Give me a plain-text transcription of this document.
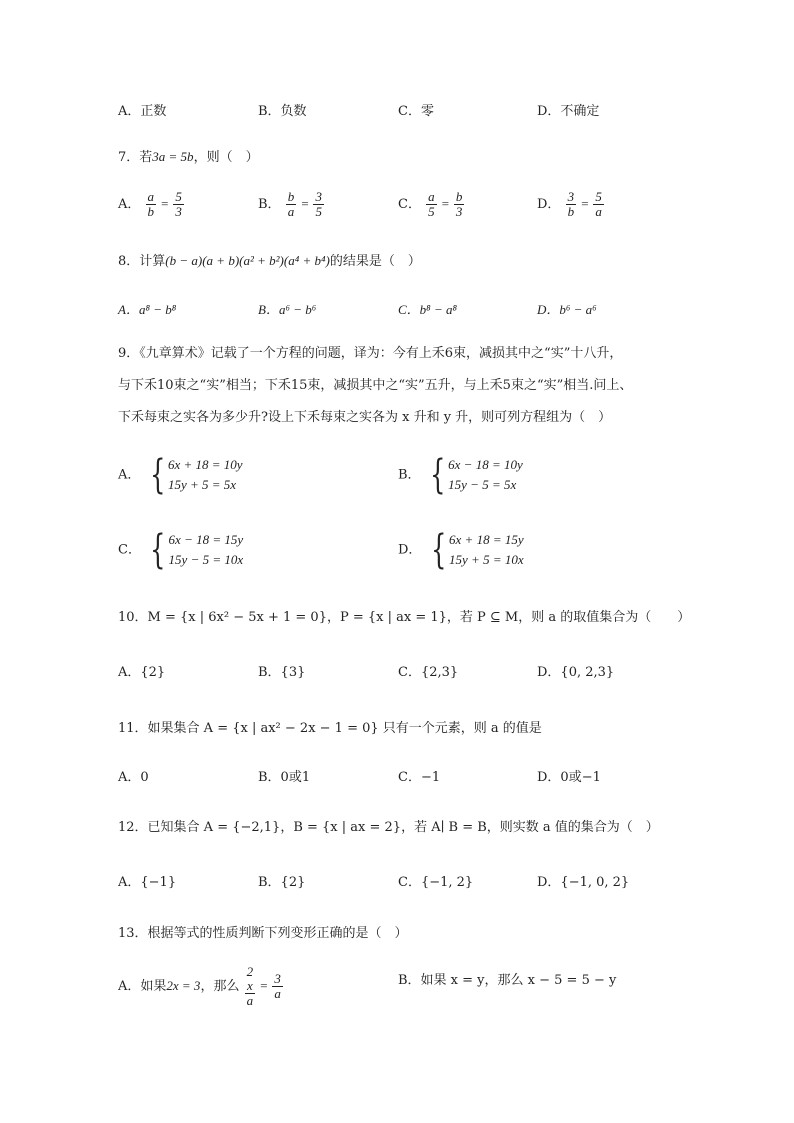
A．正数	B．负数	C．零	D．不确定
7．若3a = 5b，则（　）
A． $\frac{a}{b} = \frac{5}{3}$	B． $\frac{b}{a} = \frac{3}{5}$	C． $\frac{a}{5} = \frac{b}{3}$	D． $\frac{3}{b} = \frac{5}{a}$
8．计算(b − a)(a + b)(a² + b²)(a⁴ + b⁴)的结果是（　）
A．a⁸ − b⁸	B．a⁶ − b⁶	C．b⁸ − a⁸	D．b⁶ − a⁶
9．《九章算术》记载了一个方程的问题，译为：今有上禾6束，减损其中之“实”十八升，
与下禾10束之“实”相当；下禾15束，减损其中之“实”五升，与上禾5束之“实”相当.问上、
下禾每束之实各为多少升?设上下禾每束之实各为 x 升和 y 升，则可列方程组为（　）
A． { 6x + 18 = 10y
15y + 5 = 5x
B． { 6x − 18 = 10y
15y − 5 = 5x
C． { 6x − 18 = 15y
15y − 5 = 10x
D． { 6x + 18 = 15y
15y + 5 = 10x
10．M = {x | 6x² − 5x + 1 = 0}，P = {x | ax = 1}，若 P ⊆ M，则 a 的取值集合为（　　）
A．{2}	B．{3}	C．{2,3}	D．{0, 2,3}
11．如果集合 A = {x | ax² − 2x − 1 = 0} 只有一个元素，则 a 的值是
A．0	B．0或1	C．−1	D．0或−1
12．已知集合 A = {−2,1}，B = {x | ax = 2}，若 A∣ B = B，则实数 a 值的集合为（　）
A．{−1}	B．{2}	C．{−1, 2}	D．{−1, 0, 2}
13．根据等式的性质判断下列变形正确的是（　）
A．如果2x = 3，那么 2
x
$a = \frac{3}{a}$	B．如果 x = y，那么 x − 5 = 5 − y
